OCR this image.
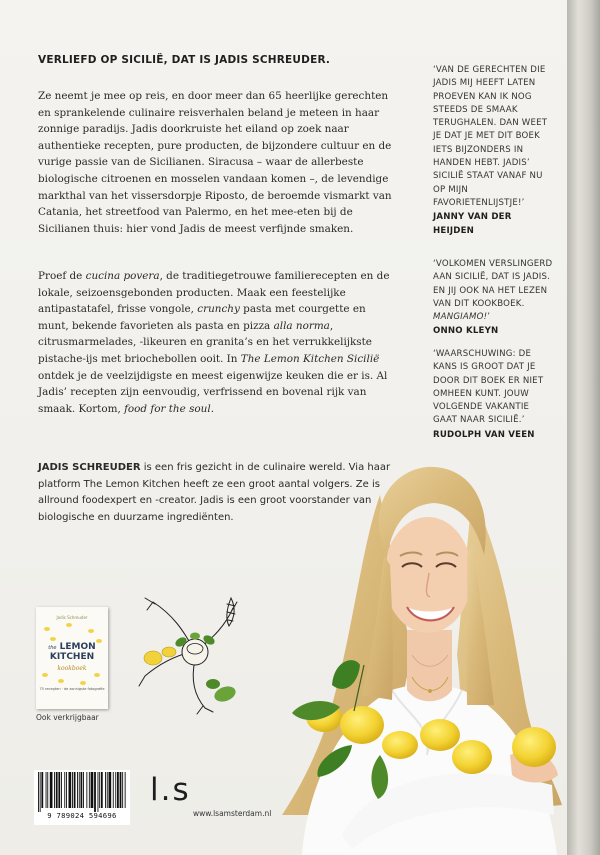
VERLIEFD OP SICILIË, DAT IS JADIS SCHREUDER.
Ze neemt je mee op reis, en door meer dan 65 heerlijke gerechten en sprankelende culinaire reisverhalen beland je meteen in haar zonnige paradijs. Jadis doorkruiste het eiland op zoek naar authentieke recepten, pure producten, de bijzondere cultuur en de vurige passie van de Sicilianen. Siracusa – waar de allerbeste biologische citroenen en mosselen vandaan komen –, de levendige markthal van het vissersdorpje Riposto, de beroemde vismarkt van Catania, het streetfood van Palermo, en het mee-eten bij de Sicilianen thuis: hier vond Jadis de meest verfijnde smaken.
Proef de cucina povera, de traditiegetrouwe familierecepten en de lokale, seizoensgebonden producten. Maak een feestelijke antipastatafel, frisse vongole, crunchy pasta met courgette en munt, bekende favorieten als pasta en pizza alla norma, citrusmarmelades, -likeuren en granita’s en het verrukkelijkste pistache-ijs met briochebollen ooit. In The Lemon Kitchen Sicilië ontdek je de veelzijdigste en meest eigenwijze keuken die er is. Al Jadis’ recepten zijn eenvoudig, verfrissend en bovenal rijk van smaak. Kortom, food for the soul.
JADIS SCHREUDER is een fris gezicht in de culinaire wereld. Via haar platform The Lemon Kitchen heeft ze een groot aantal volgers. Ze is allround foodexpert en -creator. Jadis is een groot voorstander van biologische en duurzame ingrediënten.
‘VAN DE GERECHTEN DIE JADIS MIJ HEEFT LATEN PROEVEN KAN IK NOG STEEDS DE SMAAK TERUGHALEN. DAN WEET JE DAT JE MET DIT BOEK IETS BIJZONDERS IN HANDEN HEBT. JADIS’ SICILIË STAAT VANAF NU OP MIJN FAVORIETENLIJSTJE!’
JANNY VAN DER HEIJDEN
‘VOLKOMEN VERSLINGERD AAN SICILIË, DAT IS JADIS. EN JIJ OOK NA HET LEZEN VAN DIT KOOKBOEK. MANGIAMO!’
ONNO KLEYN
‘WAARSCHUWING: DE KANS IS GROOT DAT JE DOOR DIT BOEK ER NIET OMHEEN KUNT. JOUW VOLGENDE VAKANTIE GAAT NAAR SICILIË.’
RUDOLPH VAN VEEN
Jadis Schreuder
the LEMON
KITCHEN
kookboek
75 recepten · de zonnigste fotografie
Ook verkrijgbaar
9 789024 594696
l.s
www.lsamsterdam.nl
